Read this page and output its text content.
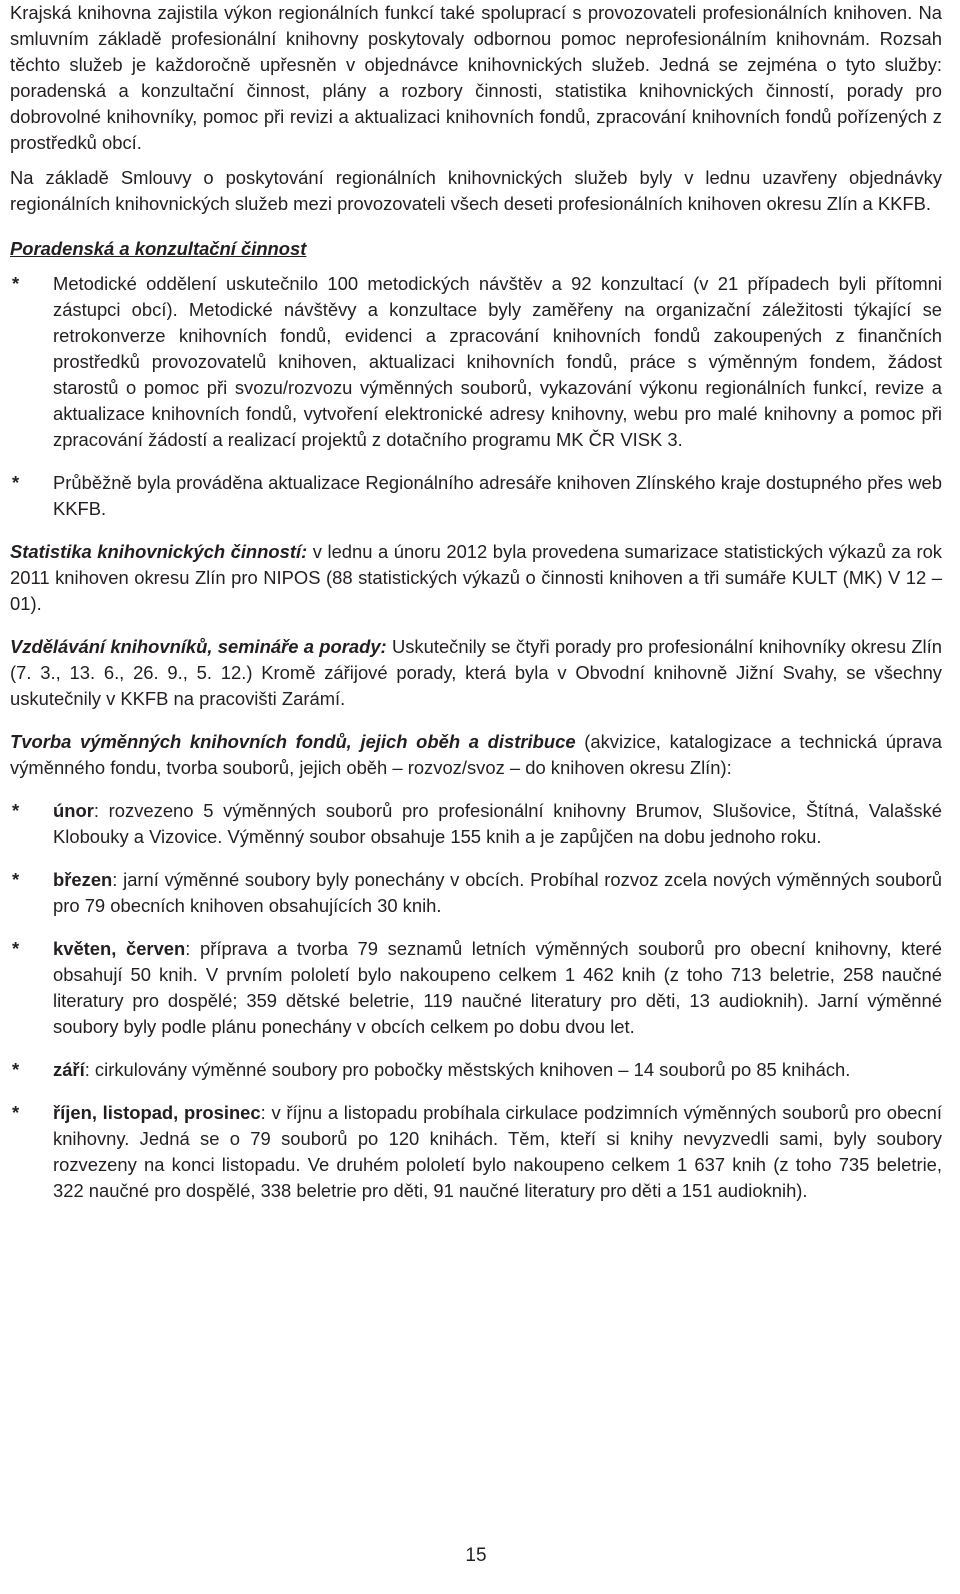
Krajská knihovna zajistila výkon regionálních funkcí také spoluprací s provozovateli profesionálních knihoven. Na smluvním základě profesionální knihovny poskytovaly odbornou pomoc neprofesionálním knihovnám. Rozsah těchto služeb je každoročně upřesněn v objednávce knihovnických služeb. Jedná se zejména o tyto služby: poradenská a konzultační činnost, plány a rozbory činnosti, statistika knihovnických činností, porady pro dobrovolné knihovníky, pomoc při revizi a aktualizaci knihovních fondů, zpracování knihovních fondů pořízených z prostředků obcí.

Na základě Smlouvy o poskytování regionálních knihovnických služeb byly v lednu uzavřeny objednávky regionálních knihovnických služeb mezi provozovateli všech deseti profesionálních knihoven okresu Zlín a KKFB.

Poradenská a konzultační činnost

* Metodické oddělení uskutečnilo 100 metodických návštěv a 92 konzultací (v 21 případech byli přítomni zástupci obcí). Metodické návštěvy a konzultace byly zaměřeny na organizační záležitosti týkající se retrokonverze knihovních fondů, evidenci a zpracování knihovních fondů zakoupených z finančních prostředků provozovatelů knihoven, aktualizaci knihovních fondů, práce s výměnným fondem, žádost starostů o pomoc při svozu/rozvozu výměnných souborů, vykazování výkonu regionálních funkcí, revize a aktualizace knihovních fondů, vytvoření elektronické adresy knihovny, webu pro malé knihovny a pomoc při zpracování žádostí a realizací projektů z dotačního programu MK ČR VISK 3.

* Průběžně byla prováděna aktualizace Regionálního adresáře knihoven Zlínského kraje dostupného přes web KKFB.

Statistika knihovnických činností: v lednu a únoru 2012 byla provedena sumarizace statistických výkazů za rok 2011 knihoven okresu Zlín pro NIPOS (88 statistických výkazů o činnosti knihoven a tři sumáře KULT (MK) V 12 – 01).

Vzdělávání knihovníků, semináře a porady: Uskutečnily se čtyři porady pro profesionální knihovníky okresu Zlín (7. 3., 13. 6., 26. 9., 5. 12.) Kromě zářijové porady, která byla v Obvodní knihovně Jižní Svahy, se všechny uskutečnily v KKFB na pracovišti Zarámí.

Tvorba výměnných knihovních fondů, jejich oběh a distribuce (akvizice, katalogizace a technická úprava výměnného fondu, tvorba souborů, jejich oběh – rozvoz/svoz – do knihoven okresu Zlín):

* únor: rozvezeno 5 výměnných souborů pro profesionální knihovny Brumov, Slušovice, Štítná, Valašské Klobouky a Vizovice. Výměnný soubor obsahuje 155 knih a je zapůjčen na dobu jednoho roku.

* březen: jarní výměnné soubory byly ponechány v obcích. Probíhal rozvoz zcela nových výměnných souborů pro 79 obecních knihoven obsahujících 30 knih.

* květen, červen: příprava a tvorba 79 seznamů letních výměnných souborů pro obecní knihovny, které obsahují 50 knih. V prvním pololetí bylo nakoupeno celkem 1 462 knih (z toho 713 beletrie, 258 naučné literatury pro dospělé; 359 dětské beletrie, 119 naučné literatury pro děti, 13 audioknih). Jarní výměnné soubory byly podle plánu ponechány v obcích celkem po dobu dvou let.

* září: cirkulovány výměnné soubory pro pobočky městských knihoven – 14 souborů po 85 knihách.

* říjen, listopad, prosinec: v říjnu a listopadu probíhala cirkulace podzimních výměnných souborů pro obecní knihovny. Jedná se o 79 souborů po 120 knihách. Těm, kteří si knihy nevyzvedli sami, byly soubory rozvezeny na konci listopadu. Ve druhém pololetí bylo nakoupeno celkem 1 637 knih (z toho 735 beletrie, 322 naučné pro dospělé, 338 beletrie pro děti, 91 naučné literatury pro děti a 151 audioknih).

15
